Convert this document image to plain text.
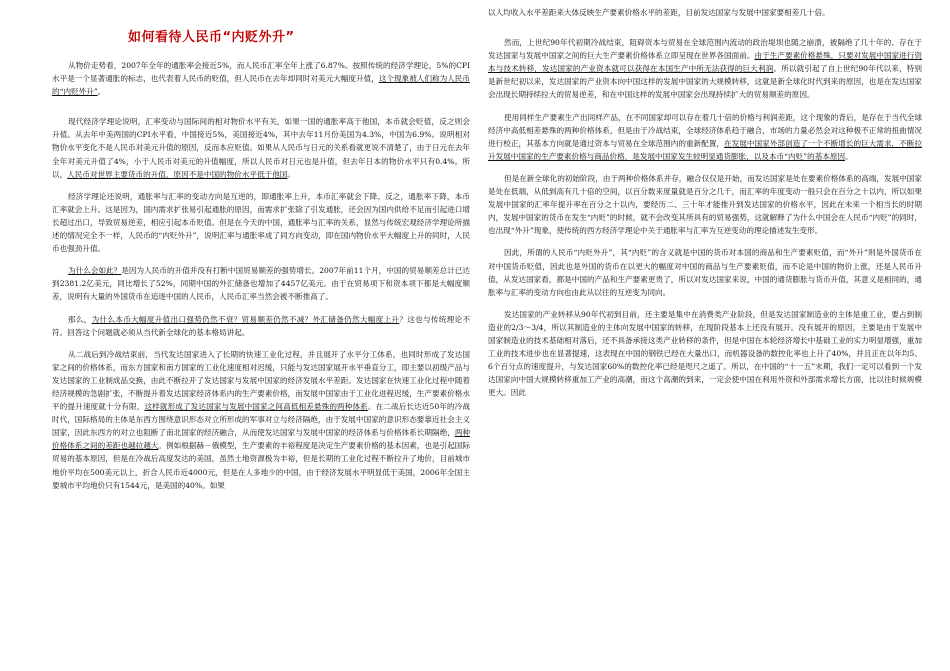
如何看待人民币“内贬外升”

从物价走势看，2007年全年的通胀率会接近5%，而人民币汇率全年上涨了6.87%。按照传统的经济学理论，5%的CPI水平是一个显著通胀的标志，也代表着人民币的贬值，但人民币在去年却同时对美元大幅度升值，这个现象被人们称为人民币的“内贬外升”。

现代经济学理论说明，汇率变动与国际间的相对物价水平有关，如果一国的通胀率高于他国，本币就会贬值，反之则会升值。从去年中美两国的CPI水平看，中国接近5%，美国接近4%，其中去年11月份美国为4.3%，中国为6.9%。说明相对物价水平变化不是人民币对美元升值的原因，反而本应贬值。如果从人民币与日元的关系看就更说不清楚了，由于日元在去年全年对美元升值了4%，小于人民币对美元的升值幅度，所以人民币对日元也是升值，但去年日本的物价水平只有0.4%。所以，人民币对世界主要货币的升值，原因不是中国的物价水平低于他国。

经济学理论还说明，通胀率与汇率的变动方向是互逆的，即通胀率上升，本币汇率就会下降。反之，通胀率下降，本币汇率就会上升。这是因为，国内需求扩张易引起通胀的原因，而需求扩张除了引发通胀，还会因为国内供给不足而引起进口增长超过出口，导致贸易逆差，相应引起本币贬值。但是在今天的中国，通胀率与汇率的关系，显然与传统宏观经济学理论所描述的情况完全不一样，人民币的“内贬外升”，说明汇率与通胀率成了同方向变动，即在国内物价水平大幅度上升的同时，人民币也强劲升值。

为什么会如此？是因为人民币的升值并没有打断中国贸易顺差的强势增长。2007年前11个月，中国的贸易顺差总计已达到2381.2亿美元，同比增长了52%，同期中国的外汇储备也增加了4457亿美元。由于在贸易项下和资本项下都是大幅度顺差，说明有大量的外国货币在追逐中国的人民币，人民币汇率当然会被不断推高了。

那么，为什么本币大幅度升值出口强势仍然不衰？贸易顺差仍然不减？外汇储备仍然大幅度上升？这也与传统理论不符。回答这个问题就必须从当代新全球化的基本格局讲起。

从二战后到冷战结束前，当代发达国家进入了长期的快速工业化过程，并且展开了水平分工体系，也同时形成了发达国家之间的价格体系，而东方国家和南方国家的工业化速度相对迟缓，只能与发达国家展开水平垂直分工，即主要以初级产品与发达国家的工业制成品交换，由此不断拉开了发达国家与发展中国家的经济发展水平差距。发达国家在快速工业化过程中随着经济规模的急剧扩张，不断提升着发达国家经济体系内的生产要素价格，而发展中国家由于工业化进程迟缓，生产要素价格水平的提升速度就十分有限，这样就形成了发达国家与发展中国家之间高低相差悬殊的两种体系。在二战后长达近50年的冷战时代，国际格局的主体是东西方围绕意识形态对立所形成的军事对立与经济隔绝，由于发展中国家的意识形态要靠近社会主义国家，因此东西方的对立也阻断了南北国家的经济融合，从而使发达国家与发展中国家的经济体系与价格体系长期隔绝，两种价格体系之间的差距也越拉越大。例如根据赫－俄模型，生产要素的丰裕程度是决定生产要素价格的基本因素，也是引起国际贸易的基本原因，但是在冷战后高度发达的美国，虽然土地资源极为丰裕，但是长期的工业化过程不断拉升了地价，目前城市地价平均在500美元以上，折合人民币近4000元，但是在人多地少的中国，由于经济发展水平明显低于美国，2006年全国主要城市平均地价只有1544元，是美国的40%。如果

以人均收入水平差距来大体反映生产要素价格水平的差距，目前发达国家与发展中国家要相差几十倍。

然而，上世纪90年代初期冷战结束，阻碍资本与贸易在全球范围内流动的政治堤坝也随之崩溃，被隔绝了几十年的、存在于发达国家与发展中国家之间的巨大生产要素价格体系立即呈现在世界各国面前。由于生产要素价格悬殊，只要对发展中国家进行资本与技术转移，发达国家的产业资本就可以获得在本国生产中所无法获得的巨大利润。所以就引起了自上世纪90年代以来，特别是新世纪初以来，发达国家的产业资本向中国这样的发展中国家的大规模转移，这就是新全球化时代到来的原因，也是在发达国家会出现长期持续拉大的贸易逆差，和在中国这样的发展中国家会出现持续扩大的贸易顺差的原因。

使用同样生产要素生产出同样产品，在不同国家却可以存在着几十倍的价格与利润差距，这个现象的背后，是存在于当代全球经济中高低相差悬殊的两种价格体系，但是由于冷战结束，全球经济体系趋于融合，市场的力量必然会对这种极不正常的扭曲情况进行校正，其基本方向就是通过资本与贸易在全球范围内的重新配置，在发展中国家外部创造了一个不断增长的巨大需求，不断拉升发展中国家的生产要素价格与商品价格，是发展中国家发生较明显通货膨胀，以及本币“内贬”的基本原因。

但是在新全球化的初始阶段，由于两种价格体系并存，融合仅仅是开始，而发达国家是处在要素价格体系的高端，发展中国家是处在低端，从低到高有几十倍的空间，以百分数来度量就是百分之几千，而汇率的年度变动一般只会在百分之十以内，所以如果发展中国家的汇率年提升率在百分之十以内，要经历二、三十年才能推升到发达国家的价格水平，因此在未来一个相当长的时期内，发展中国家的货币在发生“内贬”的时候，就不会改变其所具有的贸易强势，这就解释了为什么中国会在人民币“内贬”的同时，也出现“外升”现象，使传统的西方经济学理论中关于通胀率与汇率为互逆变动的理论描述发生变形。

因此，所谓的人民币“内贬外升”，其“内贬”的含义就是中国的货币对本国的商品和生产要素贬值，而“外升”则是外国货币在对中国货币贬值，因此也是外国的货币在以更大的幅度对中国的商品与生产要素贬值，而不论是中国的物价上涨，还是人民币升值，从发达国家看，都是中国的产品和生产要素更贵了，所以对发达国家来说，中国的通货膨胀与货币升值，其意义是相同的，通胀率与汇率的变动方向也由此从以往的互逆变为同向。

发达国家的产业转移从90年代初到目前，还主要是集中在消费类产业阶段，但是发达国家制造业的主体是重工业，要占到制造业的2/3～3/4，所以其制造业的主体向发展中国家的转移，在现阶段基本上还没有展开。没有展开的原因，主要是由于发展中国家制造业的技术基础相对落后，还不具备承接这类产业转移的条件，但是中国在本轮经济增长中基础工业的实力明显增强，重加工业的技术进步也在显著提速，这表现在中国的钢铁已经在大量出口，而机器设备的数控化率也上升了40%，并且正在以年均5、6个百分点的速度提升，与发达国家60%的数控化率已经是咫尺之遥了。所以，在中国的“十一五”末期，我们一定可以看到一个发达国家向中国大规模转移重加工产业的高潮，而这个高潮的到来，一定会使中国在利用外资和外部需求增长方面，比以往时候规模更大。因此
